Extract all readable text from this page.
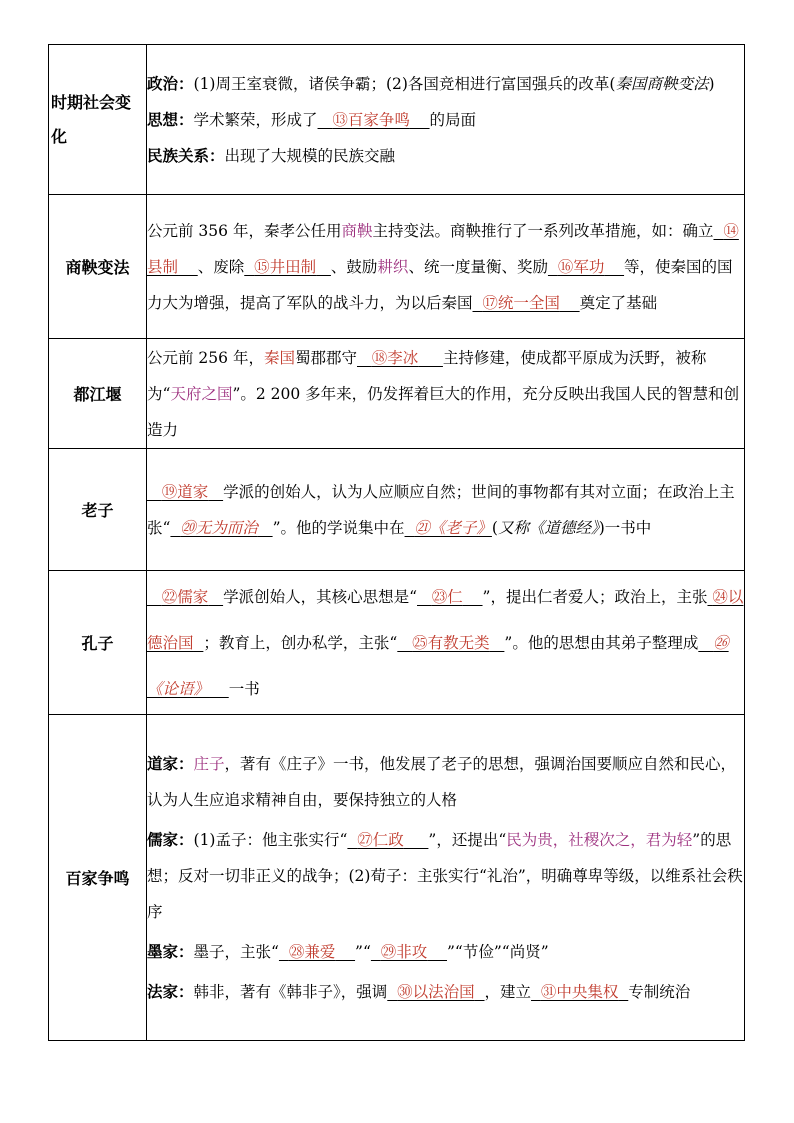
时期社会变化	政治：(1)周王室衰微，诸侯争霸；(2)各国竞相进行富国强兵的改革(秦国商鞅变法)
思想：学术繁荣，形成了 ⑬百家争鸣 的局面
民族关系：出现了大规模的民族交融

商鞅变法	公元前 356 年，秦孝公任用商鞅主持变法。商鞅推行了一系列改革措施，如：确立 ⑭县制 、废除 ⑮井田制 、鼓励耕织、统一度量衡、奖励 ⑯军功 等，使秦国的国力大为增强，提高了军队的战斗力，为以后秦国 ⑰统一全国 奠定了基础
都江堰	公元前 256 年，秦国蜀郡郡守 ⑱李冰 主持修建，使成都平原成为沃野，被称为“天府之国”。2 200 多年来，仍发挥着巨大的作用，充分反映出我国人民的智慧和创造力
老子	⑲道家 学派的创始人，认为人应顺应自然；世间的事物都有其对立面；在政治上主张“ ⑳无为而治 ”。他的学说集中在 ㉑《老子》(又称《道德经》)一书中
孔子	㉒儒家 学派创始人，其核心思想是“ ㉓仁 ”，提出仁者爱人；政治上，主张 ㉔以德治国 ；教育上，创办私学，主张“ ㉕有教无类 ”。他的思想由其弟子整理成 ㉖《论语》 一书
百家争鸣	道家：庄子，著有《庄子》一书，他发展了老子的思想，强调治国要顺应自然和民心，认为人生应追求精神自由，要保持独立的人格
儒家：(1)孟子：他主张实行“ ㉗仁政 ”，还提出“民为贵，社稷次之，君为轻”的思想；反对一切非正义的战争；(2)荀子：主张实行“礼治”，明确尊卑等级，以维系社会秩序
墨家：墨子，主张“ ㉘兼爱 ”“ ㉙非攻 ”“节俭”“尚贤”
法家：韩非，著有《韩非子》，强调 ㉚以法治国 ，建立 ㉛中央集权 专制统治
